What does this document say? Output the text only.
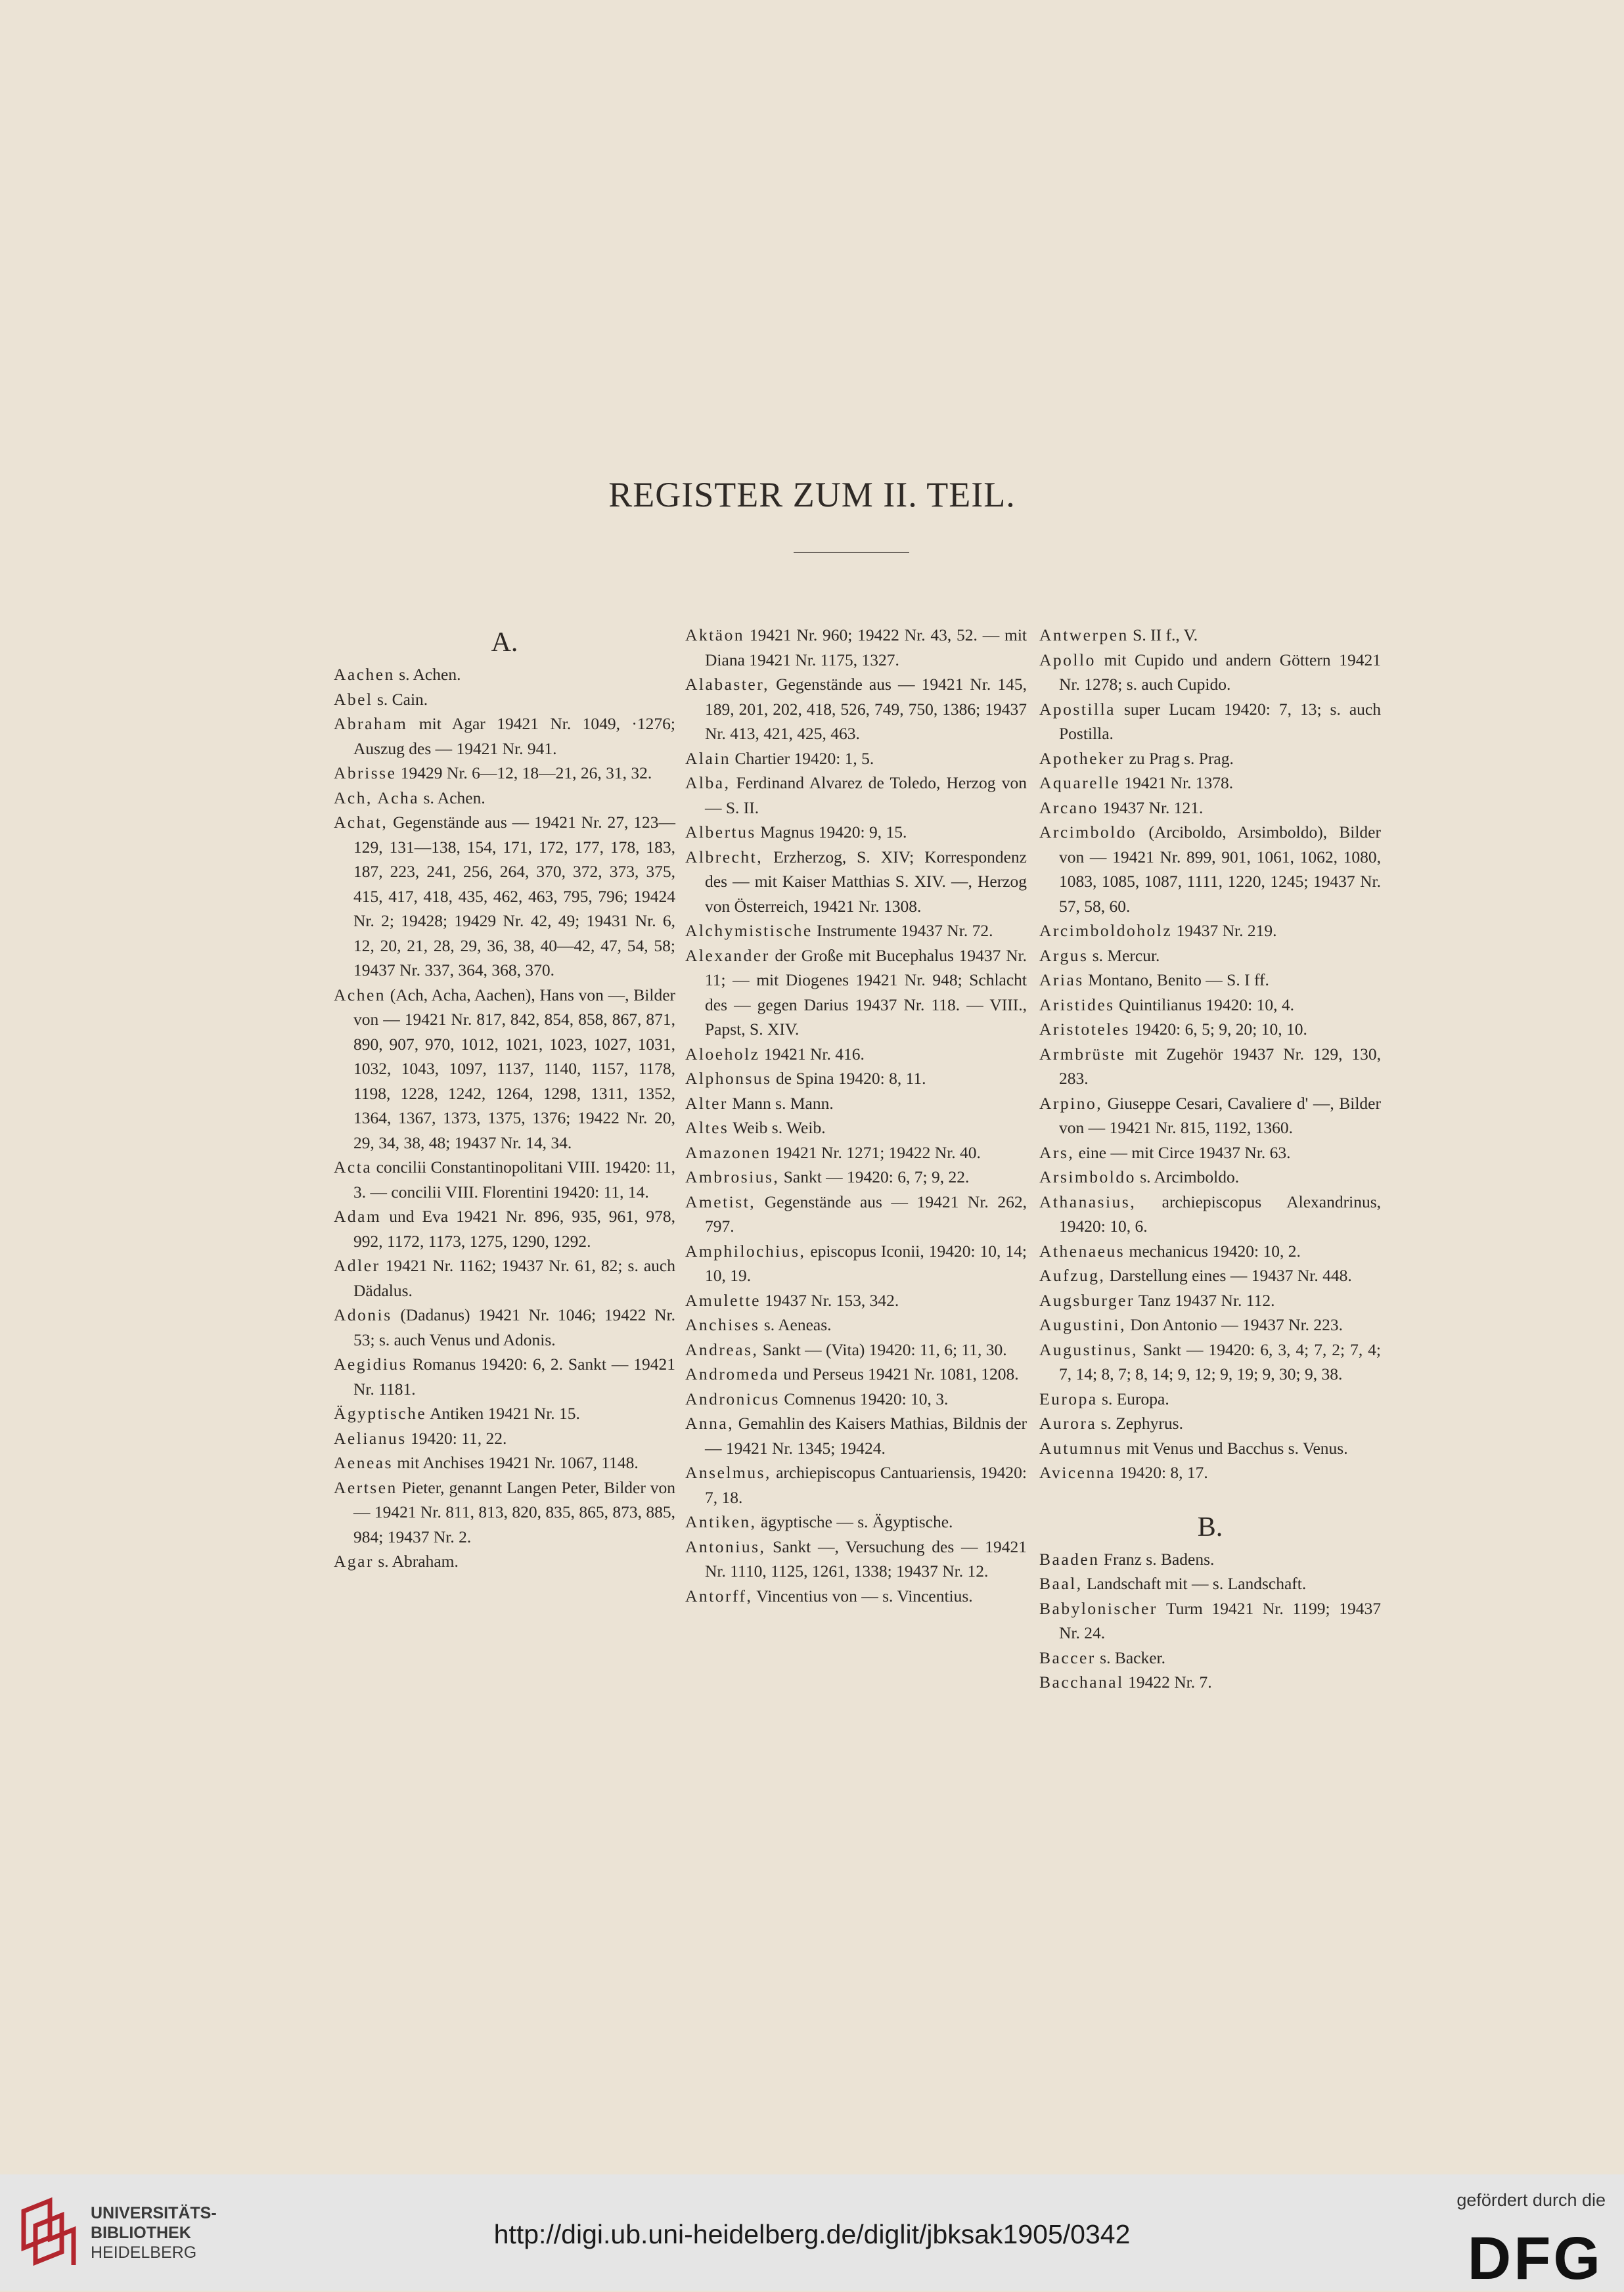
REGISTER ZUM II. TEIL.
A.
Aachen s. Achen.
Abel s. Cain.
Abraham mit Agar 19421 Nr. 1049, ·1276; Auszug des — 19421 Nr. 941.
Abrisse 19429 Nr. 6—12, 18—21, 26, 31, 32.
Ach, Acha s. Achen.
Achat, Gegenstände aus — 19421 Nr. 27, 123—129, 131—138, 154, 171, 172, 177, 178, 183, 187, 223, 241, 256, 264, 370, 372, 373, 375, 415, 417, 418, 435, 462, 463, 795, 796; 19424 Nr. 2; 19428; 19429 Nr. 42, 49; 19431 Nr. 6, 12, 20, 21, 28, 29, 36, 38, 40—42, 47, 54, 58; 19437 Nr. 337, 364, 368, 370.
Achen (Ach, Acha, Aachen), Hans von —, Bilder von — 19421 Nr. 817, 842, 854, 858, 867, 871, 890, 907, 970, 1012, 1021, 1023, 1027, 1031, 1032, 1043, 1097, 1137, 1140, 1157, 1178, 1198, 1228, 1242, 1264, 1298, 1311, 1352, 1364, 1367, 1373, 1375, 1376; 19422 Nr. 20, 29, 34, 38, 48; 19437 Nr. 14, 34.
Acta concilii Constantinopolitani VIII. 19420: 11, 3. — concilii VIII. Florentini 19420: 11, 14.
Adam und Eva 19421 Nr. 896, 935, 961, 978, 992, 1172, 1173, 1275, 1290, 1292.
Adler 19421 Nr. 1162; 19437 Nr. 61, 82; s. auch Dädalus.
Adonis (Dadanus) 19421 Nr. 1046; 19422 Nr. 53; s. auch Venus und Adonis.
Aegidius Romanus 19420: 6, 2. Sankt — 19421 Nr. 1181.
Ägyptische Antiken 19421 Nr. 15.
Aelianus 19420: 11, 22.
Aeneas mit Anchises 19421 Nr. 1067, 1148.
Aertsen Pieter, genannt Langen Peter, Bilder von — 19421 Nr. 811, 813, 820, 835, 865, 873, 885, 984; 19437 Nr. 2.
Agar s. Abraham.
Aktäon 19421 Nr. 960; 19422 Nr. 43, 52. — mit Diana 19421 Nr. 1175, 1327.
Alabaster, Gegenstände aus — 19421 Nr. 145, 189, 201, 202, 418, 526, 749, 750, 1386; 19437 Nr. 413, 421, 425, 463.
Alain Chartier 19420: 1, 5.
Alba, Ferdinand Alvarez de Toledo, Herzog von — S. II.
Albertus Magnus 19420: 9, 15.
Albrecht, Erzherzog, S. XIV; Korrespondenz des — mit Kaiser Matthias S. XIV. —, Herzog von Österreich, 19421 Nr. 1308.
Alchymistische Instrumente 19437 Nr. 72.
Alexander der Große mit Bucephalus 19437 Nr. 11; — mit Diogenes 19421 Nr. 948; Schlacht des — gegen Darius 19437 Nr. 118. — VIII., Papst, S. XIV.
Aloeholz 19421 Nr. 416.
Alphonsus de Spina 19420: 8, 11.
Alter Mann s. Mann.
Altes Weib s. Weib.
Amazonen 19421 Nr. 1271; 19422 Nr. 40.
Ambrosius, Sankt — 19420: 6, 7; 9, 22.
Ametist, Gegenstände aus — 19421 Nr. 262, 797.
Amphilochius, episcopus Iconii, 19420: 10, 14; 10, 19.
Amulette 19437 Nr. 153, 342.
Anchises s. Aeneas.
Andreas, Sankt — (Vita) 19420: 11, 6; 11, 30.
Andromeda und Perseus 19421 Nr. 1081, 1208.
Andronicus Comnenus 19420: 10, 3.
Anna, Gemahlin des Kaisers Mathias, Bildnis der — 19421 Nr. 1345; 19424.
Anselmus, archiepiscopus Cantuariensis, 19420: 7, 18.
Antiken, ägyptische — s. Ägyptische.
Antonius, Sankt —, Versuchung des — 19421 Nr. 1110, 1125, 1261, 1338; 19437 Nr. 12.
Antorff, Vincentius von — s. Vincentius.
Antwerpen S. II f., V.
Apollo mit Cupido und andern Göttern 19421 Nr. 1278; s. auch Cupido.
Apostilla super Lucam 19420: 7, 13; s. auch Postilla.
Apotheker zu Prag s. Prag.
Aquarelle 19421 Nr. 1378.
Arcano 19437 Nr. 121.
Arcimboldo (Arciboldo, Arsimboldo), Bilder von — 19421 Nr. 899, 901, 1061, 1062, 1080, 1083, 1085, 1087, 1111, 1220, 1245; 19437 Nr. 57, 58, 60.
Arcimboldoholz 19437 Nr. 219.
Argus s. Mercur.
Arias Montano, Benito — S. I ff.
Aristides Quintilianus 19420: 10, 4.
Aristoteles 19420: 6, 5; 9, 20; 10, 10.
Armbrüste mit Zugehör 19437 Nr. 129, 130, 283.
Arpino, Giuseppe Cesari, Cavaliere d' —, Bilder von — 19421 Nr. 815, 1192, 1360.
Ars, eine — mit Circe 19437 Nr. 63.
Arsimboldo s. Arcimboldo.
Athanasius, archiepiscopus Alexandrinus, 19420: 10, 6.
Athenaeus mechanicus 19420: 10, 2.
Aufzug, Darstellung eines — 19437 Nr. 448.
Augsburger Tanz 19437 Nr. 112.
Augustini, Don Antonio — 19437 Nr. 223.
Augustinus, Sankt — 19420: 6, 3, 4; 7, 2; 7, 4; 7, 14; 8, 7; 8, 14; 9, 12; 9, 19; 9, 30; 9, 38.
Europa s. Europa.
Aurora s. Zephyrus.
Autumnus mit Venus und Bacchus s. Venus.
Avicenna 19420: 8, 17.
B.
Baaden Franz s. Badens.
Baal, Landschaft mit — s. Landschaft.
Babylonischer Turm 19421 Nr. 1199; 19437 Nr. 24.
Baccer s. Backer.
Bacchanal 19422 Nr. 7.
UNIVERSITÄTS-
BIBLIOTHEK
HEIDELBERG
http://digi.ub.uni-heidelberg.de/diglit/jbksak1905/0342
gefördert durch die
DFG
